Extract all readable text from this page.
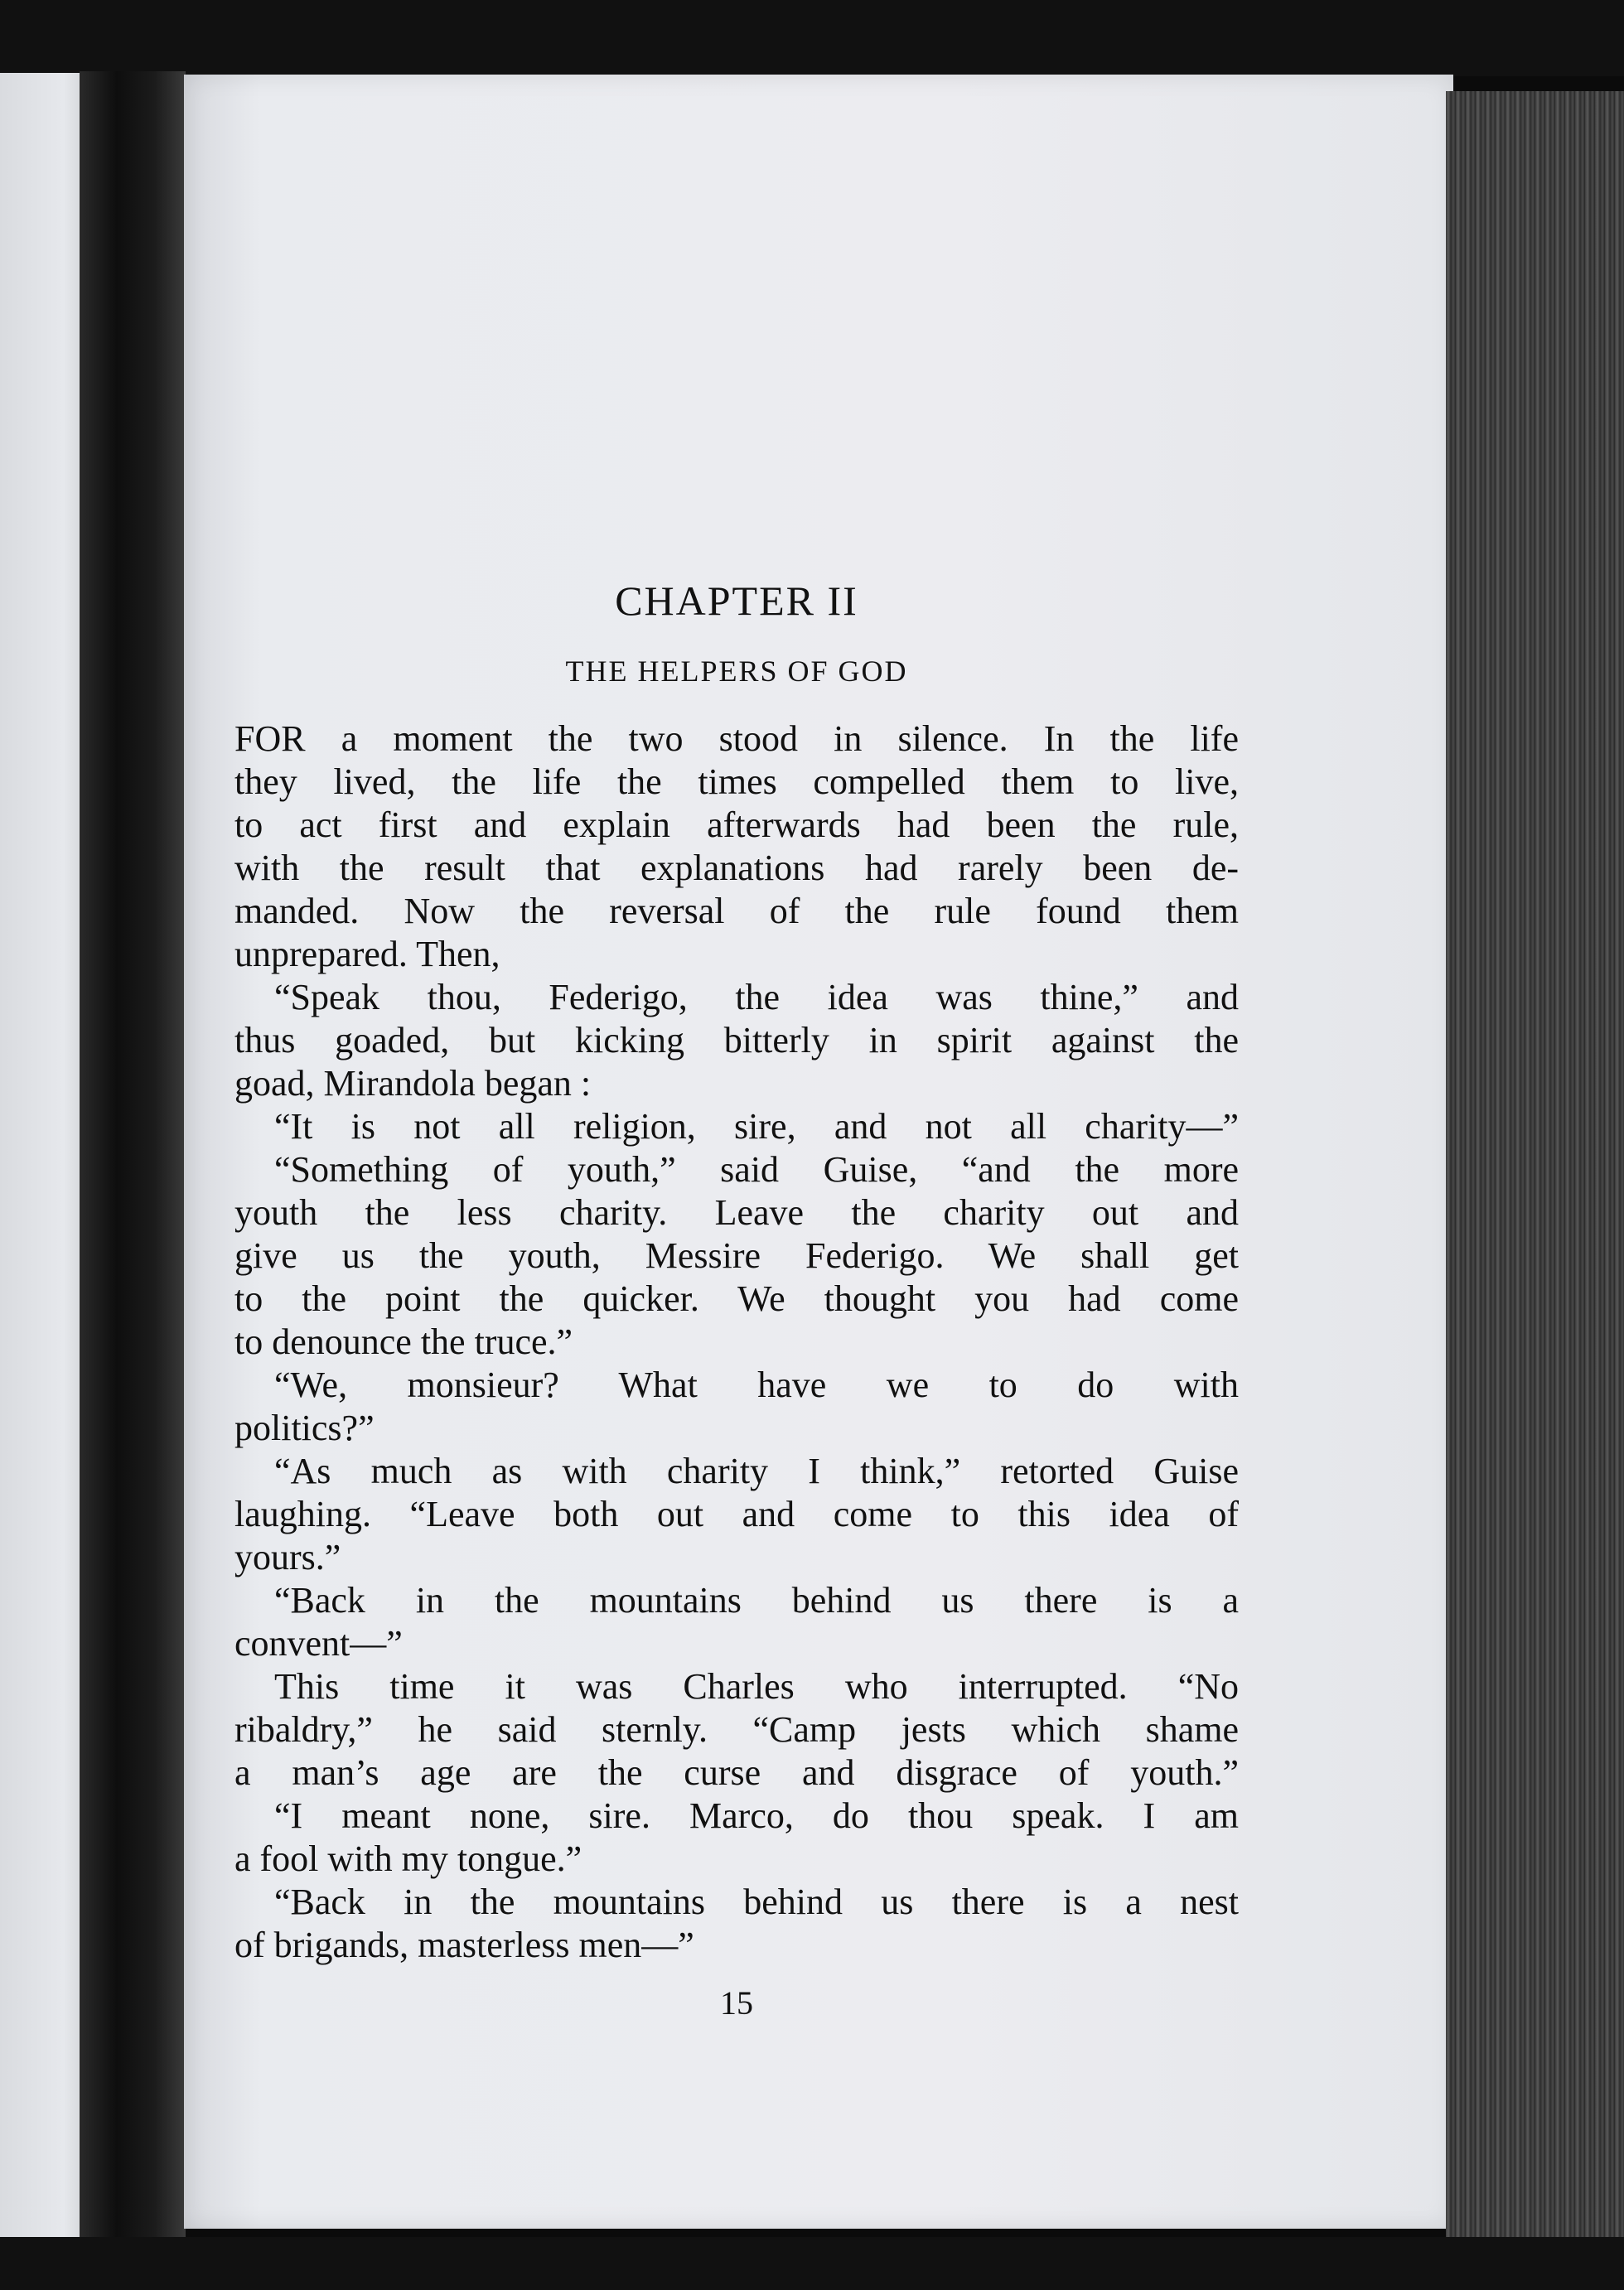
CHAPTER II
THE HELPERS OF GOD
FOR a moment the two stood in silence. In the life
they lived, the life the times compelled them to live,
to act first and explain afterwards had been the rule,
with the result that explanations had rarely been de-
manded. Now the reversal of the rule found them
unprepared. Then,
“Speak thou, Federigo, the idea was thine,” and
thus goaded, but kicking bitterly in spirit against the
goad, Mirandola began :
“It is not all religion, sire, and not all charity—”
“Something of youth,” said Guise, “and the more
youth the less charity. Leave the charity out and
give us the youth, Messire Federigo. We shall get
to the point the quicker. We thought you had come
to denounce the truce.”
“We, monsieur? What have we to do with
politics?”
“As much as with charity I think,” retorted Guise
laughing. “Leave both out and come to this idea of
yours.”
“Back in the mountains behind us there is a
convent—”
This time it was Charles who interrupted. “No
ribaldry,” he said sternly. “Camp jests which shame
a man’s age are the curse and disgrace of youth.”
“I meant none, sire. Marco, do thou speak. I am
a fool with my tongue.”
“Back in the mountains behind us there is a nest
of brigands, masterless men—”
15
